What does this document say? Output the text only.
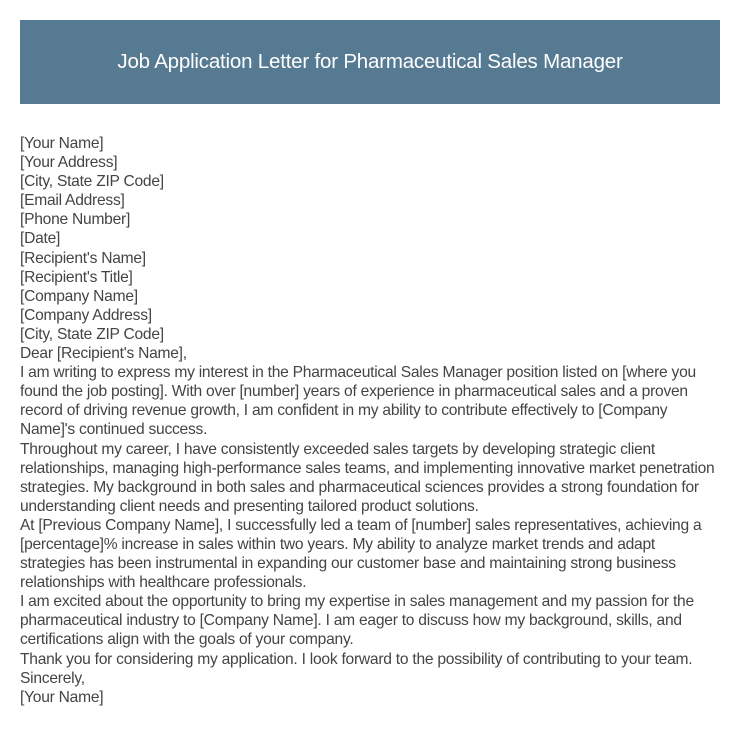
Job Application Letter for Pharmaceutical Sales Manager
[Your Name]
[Your Address]
[City, State ZIP Code]
[Email Address]
[Phone Number]
[Date]
[Recipient's Name]
[Recipient's Title]
[Company Name]
[Company Address]
[City, State ZIP Code]
Dear [Recipient's Name],

I am writing to express my interest in the Pharmaceutical Sales Manager position listed on [where you found the job posting]. With over [number] years of experience in pharmaceutical sales and a proven record of driving revenue growth, I am confident in my ability to contribute effectively to [Company Name]'s continued success.

Throughout my career, I have consistently exceeded sales targets by developing strategic client relationships, managing high-performance sales teams, and implementing innovative market penetration strategies. My background in both sales and pharmaceutical sciences provides a strong foundation for understanding client needs and presenting tailored product solutions.

At [Previous Company Name], I successfully led a team of [number] sales representatives, achieving a [percentage]% increase in sales within two years. My ability to analyze market trends and adapt strategies has been instrumental in expanding our customer base and maintaining strong business relationships with healthcare professionals.

I am excited about the opportunity to bring my expertise in sales management and my passion for the pharmaceutical industry to [Company Name]. I am eager to discuss how my background, skills, and certifications align with the goals of your company.

Thank you for considering my application. I look forward to the possibility of contributing to your team.

Sincerely,
[Your Name]
